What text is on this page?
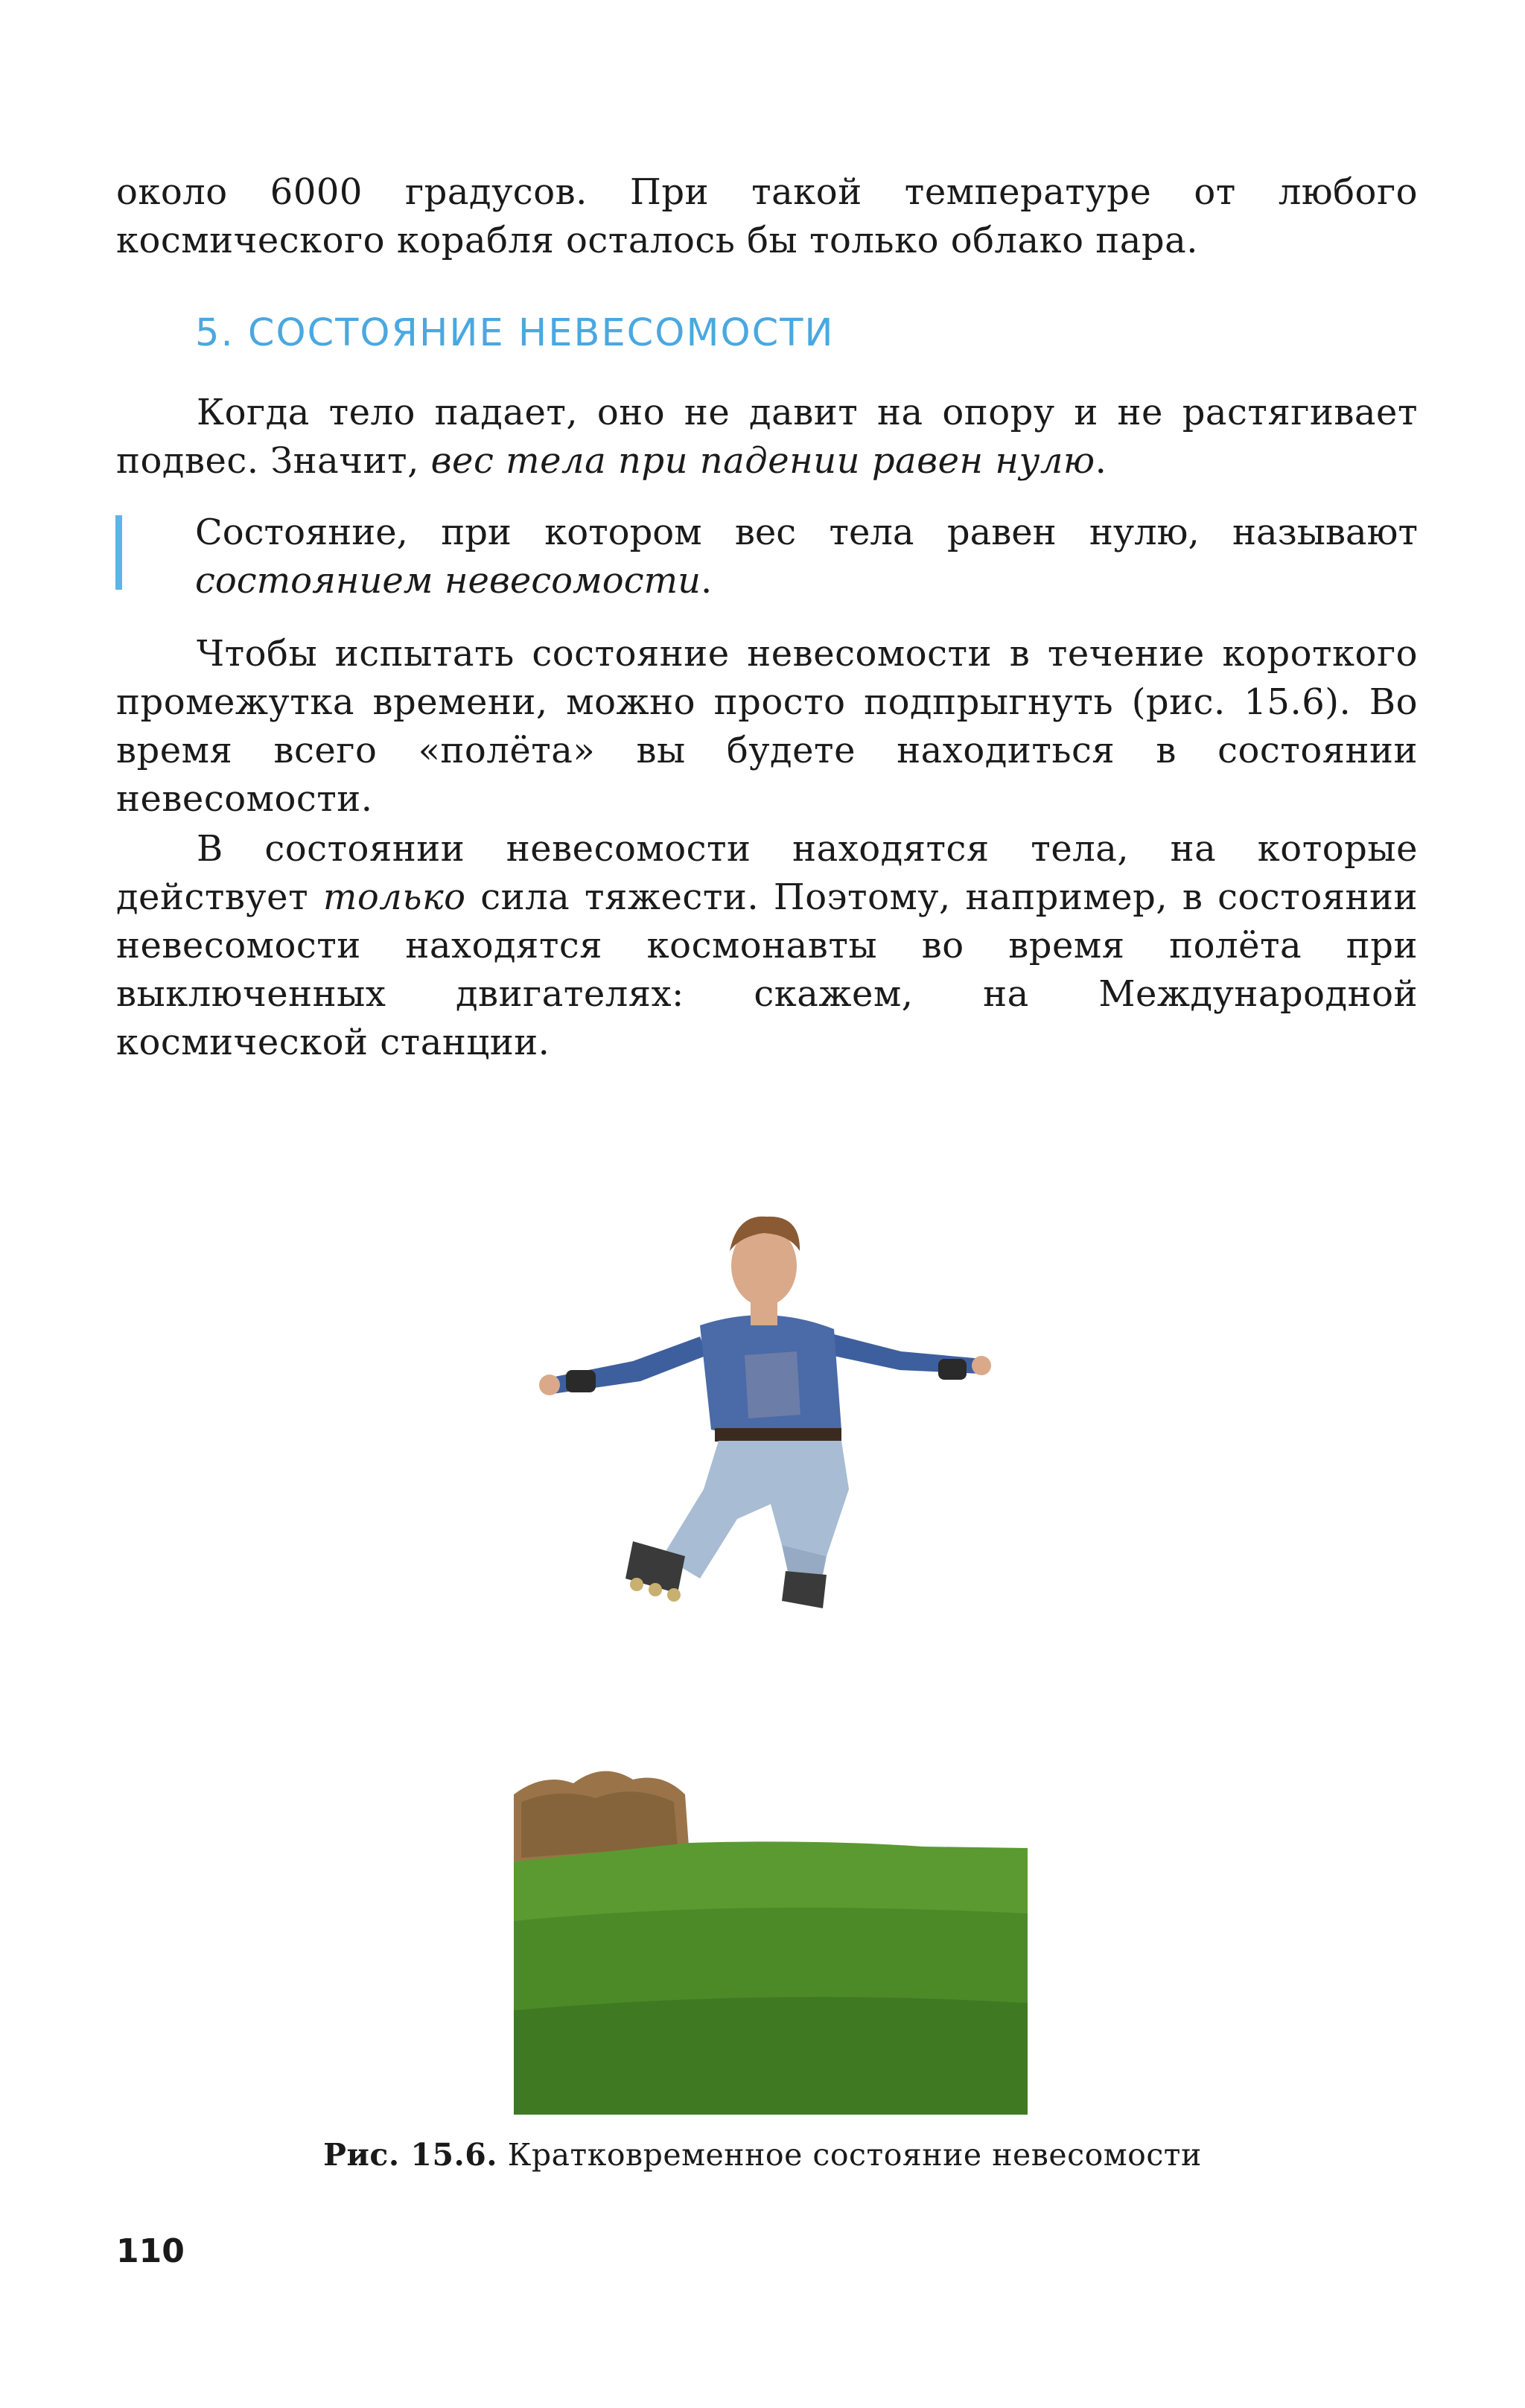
около 6000 градусов. При такой температуре от любого космического корабля осталось бы только облако пара.

5. СОСТОЯНИЕ НЕВЕСОМОСТИ

Когда тело падает, оно не давит на опору и не растягивает подвес. Значит, вес тела при падении равен нулю.

Состояние, при котором вес тела равен нулю, называют состоянием невесомости.

Чтобы испытать состояние невесомости в течение короткого промежутка времени, можно просто подпрыгнуть (рис. 15.6). Во время всего «полёта» вы будете находиться в состоянии невесомости.

В состоянии невесомости находятся тела, на которые действует только сила тяжести. Поэтому, например, в состоянии невесомости находятся космонавты во время полёта при выключенных двигателях: скажем, на Международной космической станции.

Рис. 15.6. Кратковременное состояние невесомости

110
